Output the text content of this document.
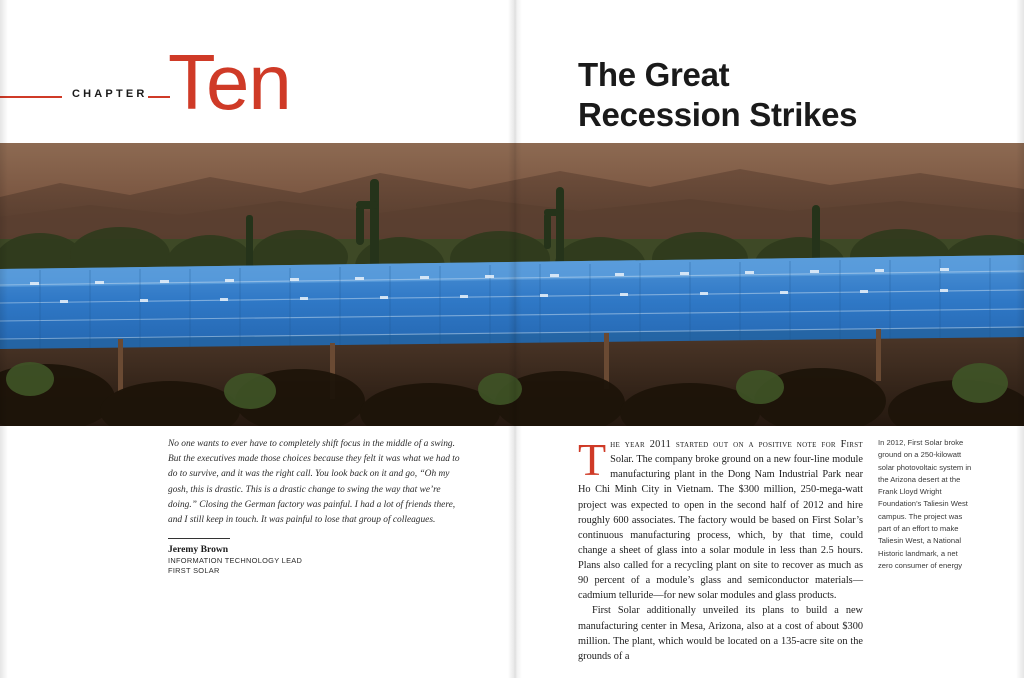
CHAPTER Ten	The Great
Recession Strikes
No one wants to ever have to completely shift focus in the middle of a swing. But the executives made those choices because they felt it was what we had to do to survive, and it was the right call. You look back on it and go, “Oh my gosh, this is drastic. This is a drastic change to swing the way that we’re doing.” Closing the German factory was painful. I had a lot of friends there, and I still keep in touch. It was painful to lose that group of colleagues.
Jeremy Brown
INFORMATION TECHNOLOGY LEAD
FIRST SOLAR

The year 2011 started out on a positive note for First Solar. The company broke ground on a new four-line module manufacturing plant in the Dong Nam Industrial Park near Ho Chi Minh City in Vietnam. The $300 million, 250-mega-watt project was expected to open in the second half of 2012 and hire roughly 600 associates. The factory would be based on First Solar’s continuous manufacturing process, which, by that time, could change a sheet of glass into a solar module in less than 2.5 hours. Plans also called for a recycling plant on site to recover as much as 90 percent of a module’s glass and semiconductor materials—cadmium telluride—for new solar modules and glass products.

First Solar additionally unveiled its plans to build a new manufacturing center in Mesa, Arizona, also at a cost of about $300 million. The plant, which would be located on a 135-acre site on the grounds of a

In 2012, First Solar broke ground on a 250-kilowatt solar photovoltaic system in the Arizona desert at the Frank Lloyd Wright Foundation’s Taliesin West campus. The project was part of an effort to make Taliesin West, a National Historic landmark, a net zero consumer of energy
